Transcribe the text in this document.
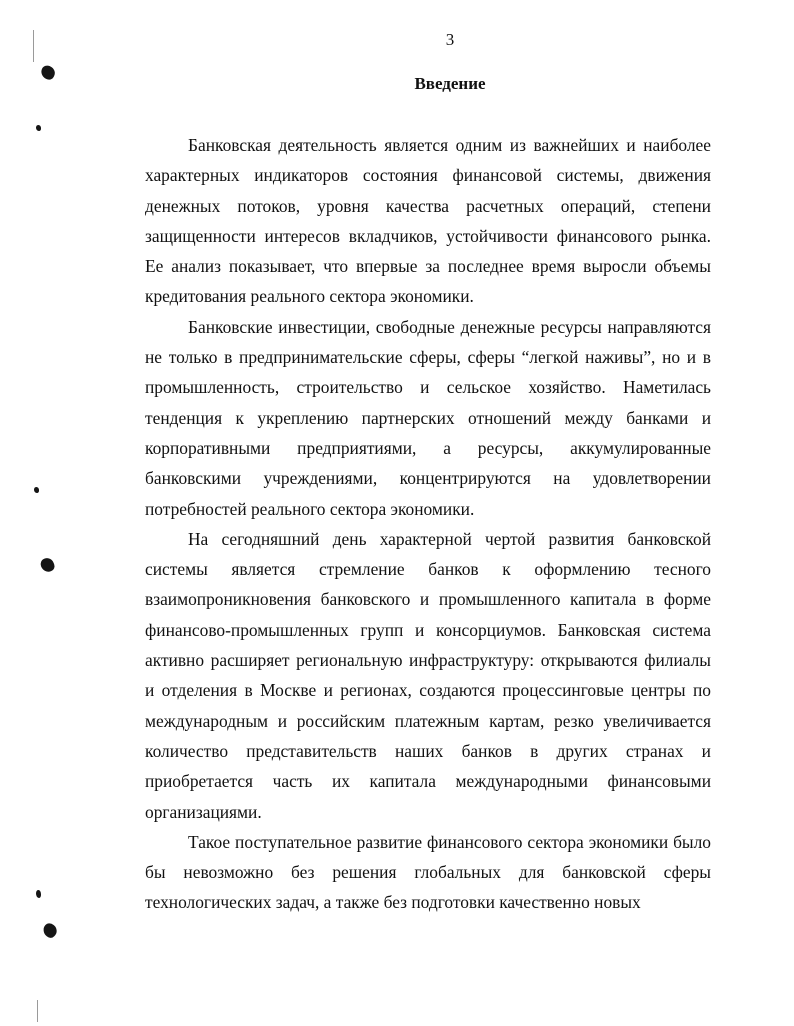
3
Введение

Банковская деятельность является одним из важнейших и наиболее характерных индикаторов состояния финансовой системы, движения денежных потоков, уровня качества расчетных операций, степени защищенности интересов вкладчиков, устойчивости финансового рынка. Ее анализ показывает, что впервые за последнее время выросли объемы кредитования реального сектора экономики.

Банковские инвестиции, свободные денежные ресурсы направляются не только в предпринимательские сферы, сферы “легкой наживы”, но и в промышленность, строительство и сельское хозяйство. Наметилась тенденция к укреплению партнерских отношений между банками и корпоративными предприятиями, а ресурсы, аккумулированные банковскими учреждениями, концентрируются на удовлетворении потребностей реального сектора экономики.

На сегодняшний день характерной чертой развития банковской системы является стремление банков к оформлению тесного взаимопроникновения банковского и промышленного капитала в форме финансово-промышленных групп и консорциумов. Банковская система активно расширяет региональную инфраструктуру: открываются филиалы и отделения в Москве и регионах, создаются процессинговые центры по международным и российским платежным картам, резко увеличивается количество представительств наших банков в других странах и приобретается часть их капитала международными финансовыми организациями.

Такое поступательное развитие финансового сектора экономики было бы невозможно без решения глобальных для банковской сферы технологических задач, а также без подготовки качественно новых
